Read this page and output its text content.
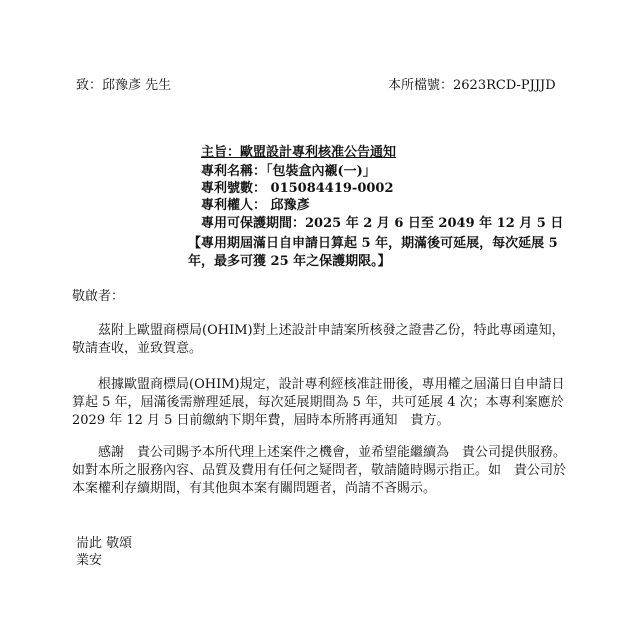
致：邱豫彥 先生	本所檔號：2623RCD-PJJJD
主旨：歐盟設計專利核准公告通知
專利名稱：「包裝盒內襯(一)」
專利號數： 015084419-0002
專利權人： 邱豫彥
專用可保護期間：2025 年 2 月 6 日至 2049 年 12 月 5 日
【專用期屆滿日自申請日算起 5 年，期滿後可延展，每次延展 5 年，最多可獲 25 年之保護期限。】
敬啟者：
茲附上歐盟商標局(OHIM)對上述設計申請案所核發之證書乙份，特此專函違知，敬請查收，並致賀意。
根據歐盟商標局(OHIM)規定，設計專利經核准註冊後，專用權之屆滿日自申請日算起 5 年，屆滿後需辦理延展，每次延展期間為 5 年，共可延展 4 次；本專利案應於 2029 年 12 月 5 日前繳納下期年費，屆時本所將再通知　貴方。
感謝　貴公司賜予本所代理上述案件之機會，並希望能繼續為　貴公司提供服務。如對本所之服務內容、品質及費用有任何之疑問者，敬請隨時賜示指正。如　貴公司於本案權利存續期間，有其他與本案有關問題者，尚請不吝賜示。
耑此 敬頌
業安
